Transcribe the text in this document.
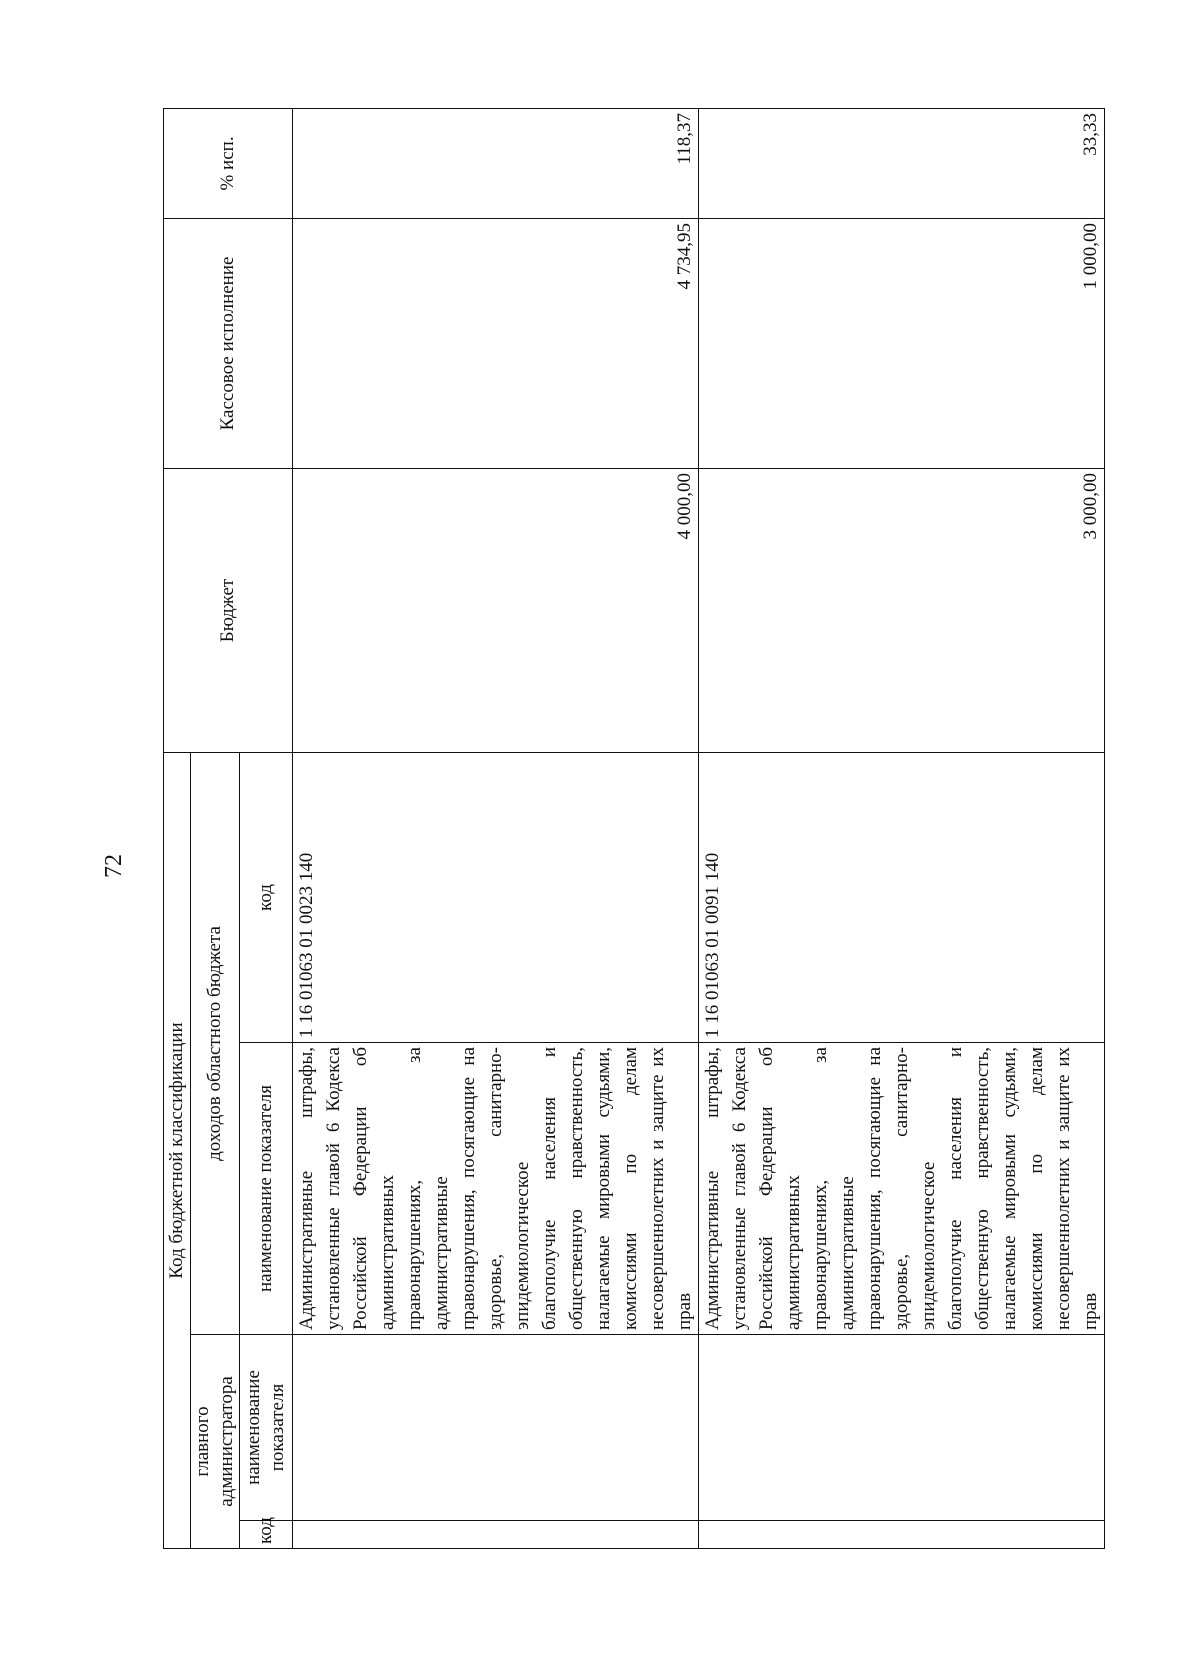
72
Код бюджетной классификации				Бюджет	Кассовое исполнение	% исп.
главного администратора		доходов областного бюджета				
код	наименование показателя	наименование показателя	код			
		Административные штрафы, установленные главой 6 Кодекса Российской Федерации об административных правонарушениях, за административные правонарушения, посягающие на здоровье, санитарно-эпидемиологическое благополучие населения и общественную нравственность, налагаемые мировыми судьями, комиссиями по делам несовершеннолетних и защите их прав	1 16 01063 01 0023 140	4 000,00	4 734,95	118,37
		Административные штрафы, установленные главой 6 Кодекса Российской Федерации об административных правонарушениях, за административные правонарушения, посягающие на здоровье, санитарно-эпидемиологическое благополучие населения и общественную нравственность, налагаемые мировыми судьями, комиссиями по делам несовершеннолетних и защите их прав	1 16 01063 01 0091 140	3 000,00	1 000,00	33,33
